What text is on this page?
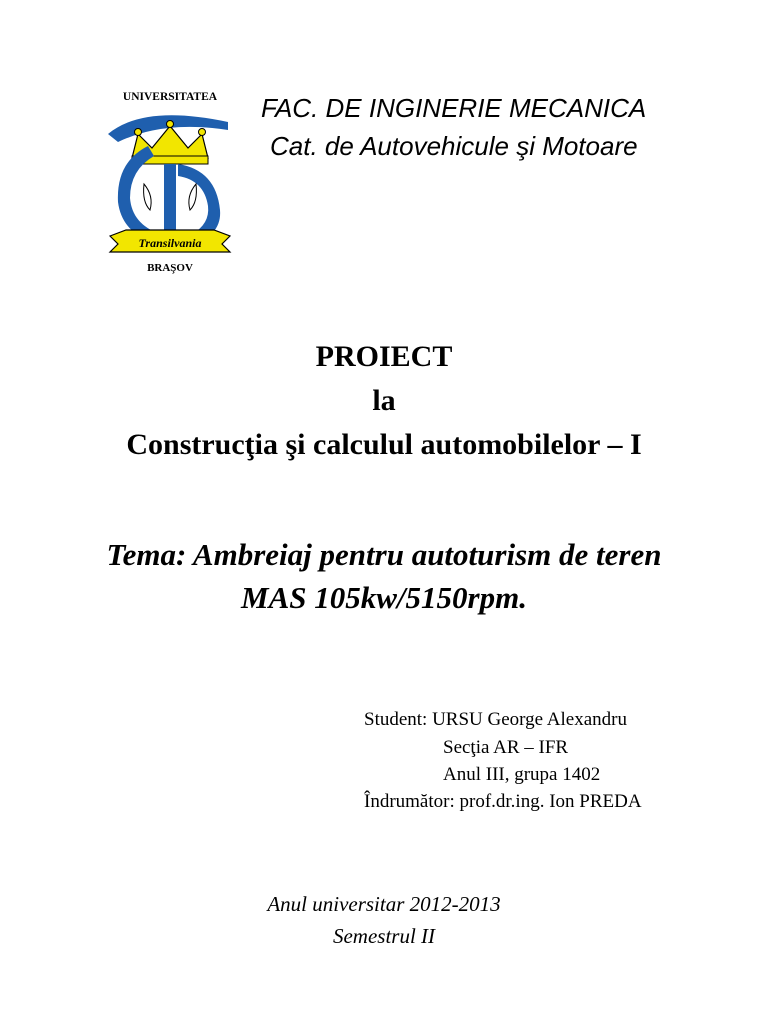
UNIVERSITATEA
Transilvania
BRAŞOV
FAC. DE INGINERIE MECANICA
Cat. de Autovehicule şi Motoare
PROIECT
la
Construcţia şi calculul automobilelor – I
Tema: Ambreiaj pentru autoturism de teren
MAS 105kw/5150rpm.
Student: URSU George Alexandru
Secţia AR – IFR
Anul III, grupa 1402
Îndrumător: prof.dr.ing. Ion PREDA
Anul universitar 2012-2013
Semestrul II
